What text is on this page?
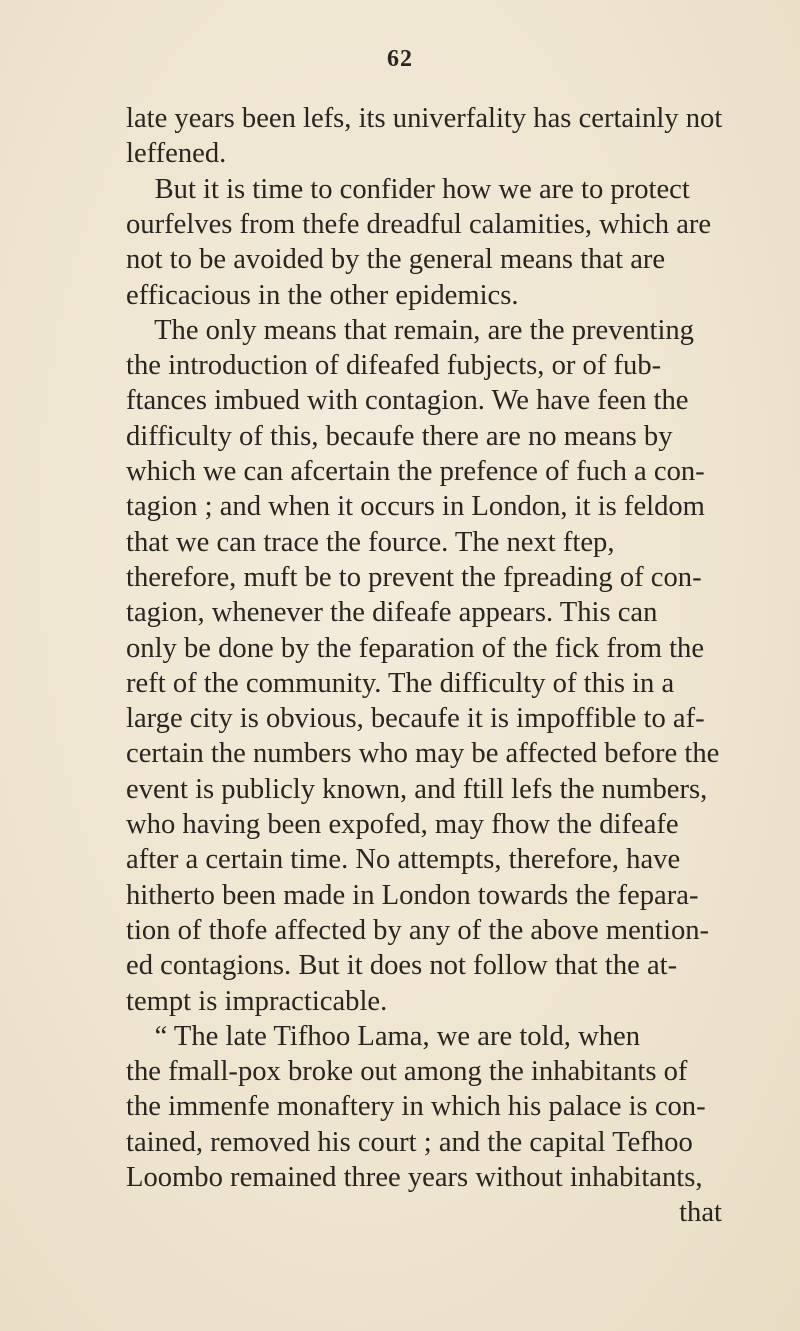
62
late years been lefs, its univerfality has certainly not
leffened.
But it is time to confider how we are to protect
ourfelves from thefe dreadful calamities, which are
not to be avoided by the general means that are
efficacious in the other epidemics.
The only means that remain, are the preventing
the introduction of difeafed fubjects, or of fub-
ftances imbued with contagion. We have feen the
difficulty of this, becaufe there are no means by
which we can afcertain the prefence of fuch a con-
tagion ; and when it occurs in London, it is feldom
that we can trace the fource. The next ftep,
therefore, muft be to prevent the fpreading of con-
tagion, whenever the difeafe appears. This can
only be done by the feparation of the fick from the
reft of the community. The difficulty of this in a
large city is obvious, becaufe it is impoffible to af-
certain the numbers who may be affected before the
event is publicly known, and ftill lefs the numbers,
who having been expofed, may fhow the difeafe
after a certain time. No attempts, therefore, have
hitherto been made in London towards the fepara-
tion of thofe affected by any of the above mention-
ed contagions. But it does not follow that the at-
tempt is impracticable.
“ The late Tifhoo Lama, we are told, when
the fmall-pox broke out among the inhabitants of
the immenfe monaftery in which his palace is con-
tained, removed his court ; and the capital Tefhoo
Loombo remained three years without inhabitants,
that
